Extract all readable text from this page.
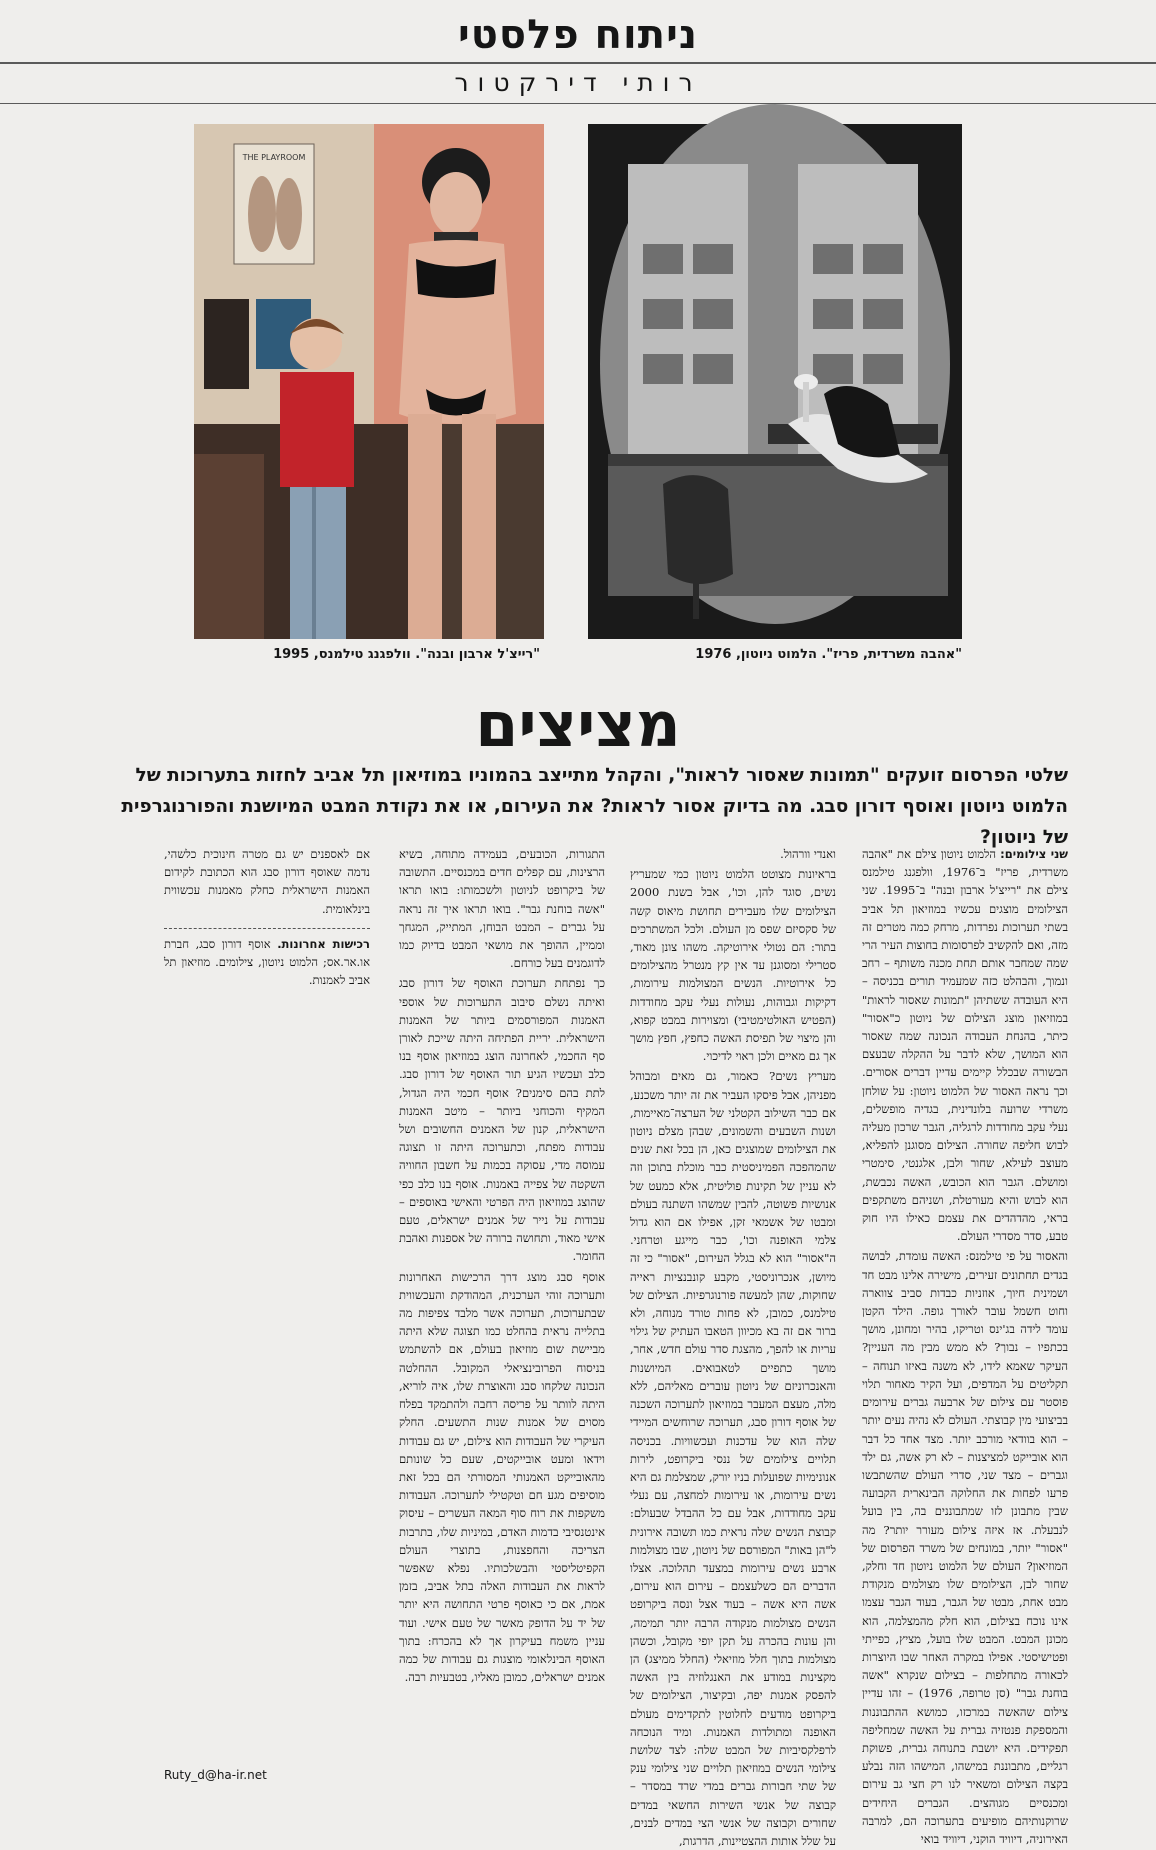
ניתוח פלסטי
רותי דירקטור
THE PLAYROOM
"רייצ'ל ארבון ובנה". וולפגנג טילמנס, 1995	"אהבה משרדית, פריז". הלמוט ניוטון, 1976
מציצים
שלטי הפרסום זועקים "תמונות שאסור לראות", והקהל מתייצב בהמוניו במוזיאון תל אביב לחזות בתערוכות של הלמוט ניוטון ואוסף דורון סבג. מה בדיוק אסור לראות? את העירום, או את נקודת המבט המיושנת והפורנוגרפית של ניוטון?

שני צילומים: הלמוט ניוטון צילם את "אהבה משרדית, פריז" ב־1976, וולפגנג טילמנס צילם את "רייצ'ל ארבון ובנה" ב־1995. שני הצילומים מוצגים עכשיו במוזיאון תל אביב בשתי תערוכות נפרדות, מרחק כמה מטרים זה מזה, ואם להקשיב לפרסומות בחוצות העיר הרי שמה שמחבר אותם תחת מכנה משותף – רחב ונמוך, והבהלט כזה שמעמיד תורים בכניסה – היא העובדה ששתיהן "תמונות שאסור לראות" במוזיאון מוצג הצילום של ניוטון כ"אסור" כיתר, בהנחת העבודה הנכונה שמה שאסור הוא המושך, שלא לדבר על ההקלה שבעצם הבשורה שבכלל קיימים עדיין דברים אסורים. וכך נראה האסור של הלמוט ניוטון: על שולחן משרדי שרועה בלונדינית, בגדיה מופשלים, נעלי עקב מחודדות לרגליה, הגבר שרכון מעליה לבוש חליפה שחורה. הצילום מסוגנן להפליא, מעוצב לעילא, שחור ולבן, אלגנטי, סימטרי ומושלם. הגבר הוא הכובש, האשה נכבשת, הוא לבוש והיא מעורטלת, ושניהם משתקפים בראי, מהדהדים את עצמם כאילו היו חוק טבע, סדר מסדרי העולם.

והאסור על פי טילמנס: האשה עומדת, לבושה בגדים תחתונים זעירים, מישירה אלינו מבט חד ושמינית חיוך, אוזניות כבדות סביב צווארה וחוט חשמל עובר לאורך גופה. הילד הקטן עומד לידה בג'ינס וטריקו, בהיר ומחונן, מושך בכתפיו – נבוך? לא ממש מבין מה העניין? העיקר שאמא לידו, לא משנה באיזו תנוחה – תקליטים על המדפים, ועל הקיר מאחור תלוי פוסטר עם צילום של ארבעה גברים עירומים בביצועי מין קבוצתי. העולם לא נהיה נעים יותר – הוא בוודאי מורכב יותר. מצד אחד כל דבר הוא אובייקט למציצנות – לא רק אשה, גם ילד וגברים – מצד שני, סדרי העולם שהשתבשו פרעו לפחות את החלוקה הבינארית הקבועה שבין מתבונן לזו שמתבוננים בה, בין בועל לנבעלת. אז איזה צילום מעורר יותר? מה "אסור" יותר, במונחים של משרד הפרסום של המוזיאון? העולם של הלמוט ניוטון חד וחלק, שחור לבן, הצילומים שלו מצולמים מנקודת מבט אחת, מבטו של הגבר, בעוד הגבר עצמו אינו נוכח בצילום, הוא חלק מהמצלמה, הוא מכונן המבט. המבט שלו בועל, מציץ, כפייתי ופטישיסטי. אפילו במקרה האחר שבו היוצרות לכאורה מתחלפות – בצילום שנקרא "אשה בוחנת גבר" (סן טרופה, 1976) – זהו עדיין צילום שהאשה במרכזו, כמושא ההתבוננות והמספקת פנטזיה גברית על האשה שמחליפה תפקידים. היא יושבת בתנוחה גברית, פשוקת רגליים, מתבוננת במישהו, המישהו הזה נבלע בקצה הצילום ומשאיר לנו רק חצי גב עירום ומכנסיים מגוהצים. הגברים היחידים שרוקנותיהם מופיעים בתערוכה הם, למרבה האירוניה, דיוויד הוקני, דיוויד בואי

ואנדי וורהול.

בראיונות מצוטט הלמוט ניוטון כמי שמעריץ נשים, סוגד להן, וכו', אבל בשנת 2000 הצילומים שלו מעבירים תחושת מיאוס קשה של סקסיזם שפס מן העולם. ולכל המשתרכים בתור: הם נטולי אירוטיקה. משהו צונן מאוד, סטרילי ומסוגנן עד אין קץ מנטרל מהצילומים כל אירוטיות. הנשים המצולמות עירומות, דקיקות וגבוהות, נעולות נעלי עקב מחודדות (הפטיש האולטימטיבי) ומצוירות במבט קפוא, והן מיצוי של תפיסת האשה כחפץ, חפץ מושך אך גם מאיים ולכן ראוי לדיכוי.

מעריץ נשים? כאמור, גם מאים ומבוהל מפניהן, אבל פיסקו העביר את זה יותר משכנע, אם כבר השילוב הקטלני של הערצה־מאיימות, ושנות השבעים והשמונים, שבהן מצלם ניוטון את הצילומים שמוצגים כאן, הן בכל זאת שנים שהמהפכה הפמיניסטית כבר מוכלת בתוכן וזה לא עניין של תקינות פוליטית, אלא כמעט של אנושיות פשוטה, להבין שמשהו השתנה בעולם ומבטו של אשמאי זקן, אפילו אם הוא גדול צלמי האופנה וכו', כבר מייגע וטרחני. ה"אסור" הוא לא בגלל העירום, "אסור" כי זה מיושן, אנכרוניסטי, מקבע קונבנציות ראייה שחוקות, שהן למעשה פורנוגרפיות. הצילום של טילמנס, כמובן, לא פחות טורד מנוחה, ולא ברור אם זה בא מכיוון הטאבו העתיק של גילוי עריות או להפך, מהצגת סדר עולם חדש, אחר, מושך כתפיים לטאבואים. המיושנות והאנכרוניזם של ניוטון עוברים מאליהם, ללא מלה, מעצם המעבר במוזיאון לתערוכה השכנה של אוסף דורון סבג, תערוכה שרוחשים המיידי שלה הוא של עדכנות ועכשוויות. בכניסה תלויים צילומים של ננסי ביקרופט, לירות אנונימיות שפועלות בניו יורק, שמצלמת גם היא נשים עירומות, או עירומות למחצה, עם נעלי עקב מחודדות, אבל עם כל ההבדל שבעולם: קבוצת הנשים שלה נראית כמו תשובה אירונית ל"הן באות" המפורסם של ניוטון, שבו מצולמות ארבע נשים עירומות במצעד תהלוכה. אצלו הדברים הם כשלעצמם – עירום הוא עירום, אשה היא אשה – בעוד אצל ונסה ביקרופט הנשים מצולמות מנקודה הרבה יותר תמימה, והן עונות בהכרה על תקן יופי מקובל, וכשהן מצולמות בתוך חלל מוזיאלי (החלל ממיצג) הן מקצינות במודע את האנגלוזיה בין האשה להפסק אמנות יפה, ובקיצור, הצילומים של ביקרופט מודעים לחלוטין לתקדימים מעולם האופנה ומתולדות האמנות. ומיד הנוכחה לרפלקסיביות של המבט שלה: לצד שלושת צילומי הנשים במוזיאון תלויים שני צילומי ענק של שתי חבורות גברים במדי שרד במסדר – קבוצה של אנשי השירות החשאי במדים שחורים וקבוצה של אנשי הצי במדים לבנים, על שלל אותות ההצטיינות, הדרגות,

התגורות, הכובעים, בעמידה מתוחה, בשיא הרצינות, עם קפלים חדים במכנסיים. התשובה של ביקרופט לניוטון ולשכמותו: בואו תראו "אשה בוחנת גבר". בואו תראו איך זה נראה על גברים – המבט הבוחן, המתייק, המגחך וממיין, ההופך את מושאי המבט בדיוק כמו לדוגמנים בעל כורחם.

כך נפתחת תערוכת האוסף של דורון סבג ואיתה נשלם סיבוב התערוכות של אוספי האמנות המפורסמים ביותר של האמנות הישראלית. יריית הפתיחה היתה שייכת לאורן סף החכמי, לאחרונה הוצג במוזיאון אוסף בנו כלב ועכשיו הגיע תור האוסף של דורון סבג. לתת בהם סימנים? אוסף חכמי היה הגדול, המקיף והכוחני ביותר – מיטב האמנות הישראלית, קנון של האמנים החשובים ושל עבודות מפתח, וכתערוכה היתה זו תצוגה עמוסה מדי, עסוקה בכמות על חשבון החוויה השקטה של צפייה באמנות. אוסף בנו כלב כפי שהוצג במוזיאון היה הפרטי והאישי באוספים – עבודות על נייר של אמנים ישראלים, טעם אישי מאוד, ותחושה ברורה של אספנות ואהבת החומר.

אוסף סבג מוצג דרך הרכישות האחרונות ותערוכה זוהי הערכנית, המהודקת והעכשווית שבתערוכות, תערוכה אשר מלבד צפיפות מה בתלייה נראית בהחלט כמו תצוגה שלא היתה מביישת שום מוזיאון בעולם, אם להשתמש בניסוח הפרובינציאלי המקובל. ההחלטה הנכונה שלקחו סבג והאוצרת שלו, איה לוריא, היתה לוותר על פריסה רחבה ולהתמקד בפלח מסוים של אמנות שנות התשעים. החלק העיקרי של העבודות הוא צילום, יש גם עבודות וידאו ומעט אובייקטים, שעם כל שונותם מהאובייקט האמנותי המסורתי הם בכל זאת מוסיפים מגע חם וטקטילי לתערוכה. העבודות משקפות את רוח סוף המאה העשרים – עיסוק אינטנסיבי בדמות האדם, במיניות שלו, בתרבות הצריכה והחפצנות, בתוצרי העולם הקפיטליסטי והבשלכותיו. נפלא שאפשר לראות את העבודות האלה בתל אביב, בזמן אמת, אם כי כאוסף פרטי התחושה היא יותר של יד על הדופק מאשר של טעם אישי. ועוד עניין משמח בעיקרון אך לא בהכרח: בתוך האוסף הבינלאומי מוצגות גם עבודות של כמה אמנים ישראלים, כמובן מאליו, בטבעיות רבה.

אם לאספנים יש גם מטרה חינוכית כלשהי, נדמה שאוסף דורון סבג הוא הכתובת לקידום האמנות הישראלית כחלק מאמנות עכשווית בינלאומית.

רכישות אחרונות. אוסף דורון סבג, חברת או.אר.אס; הלמוט ניוטון, צילומים. מוזיאון תל אביב לאמנות.

Ruty_d@ha-ir.net
